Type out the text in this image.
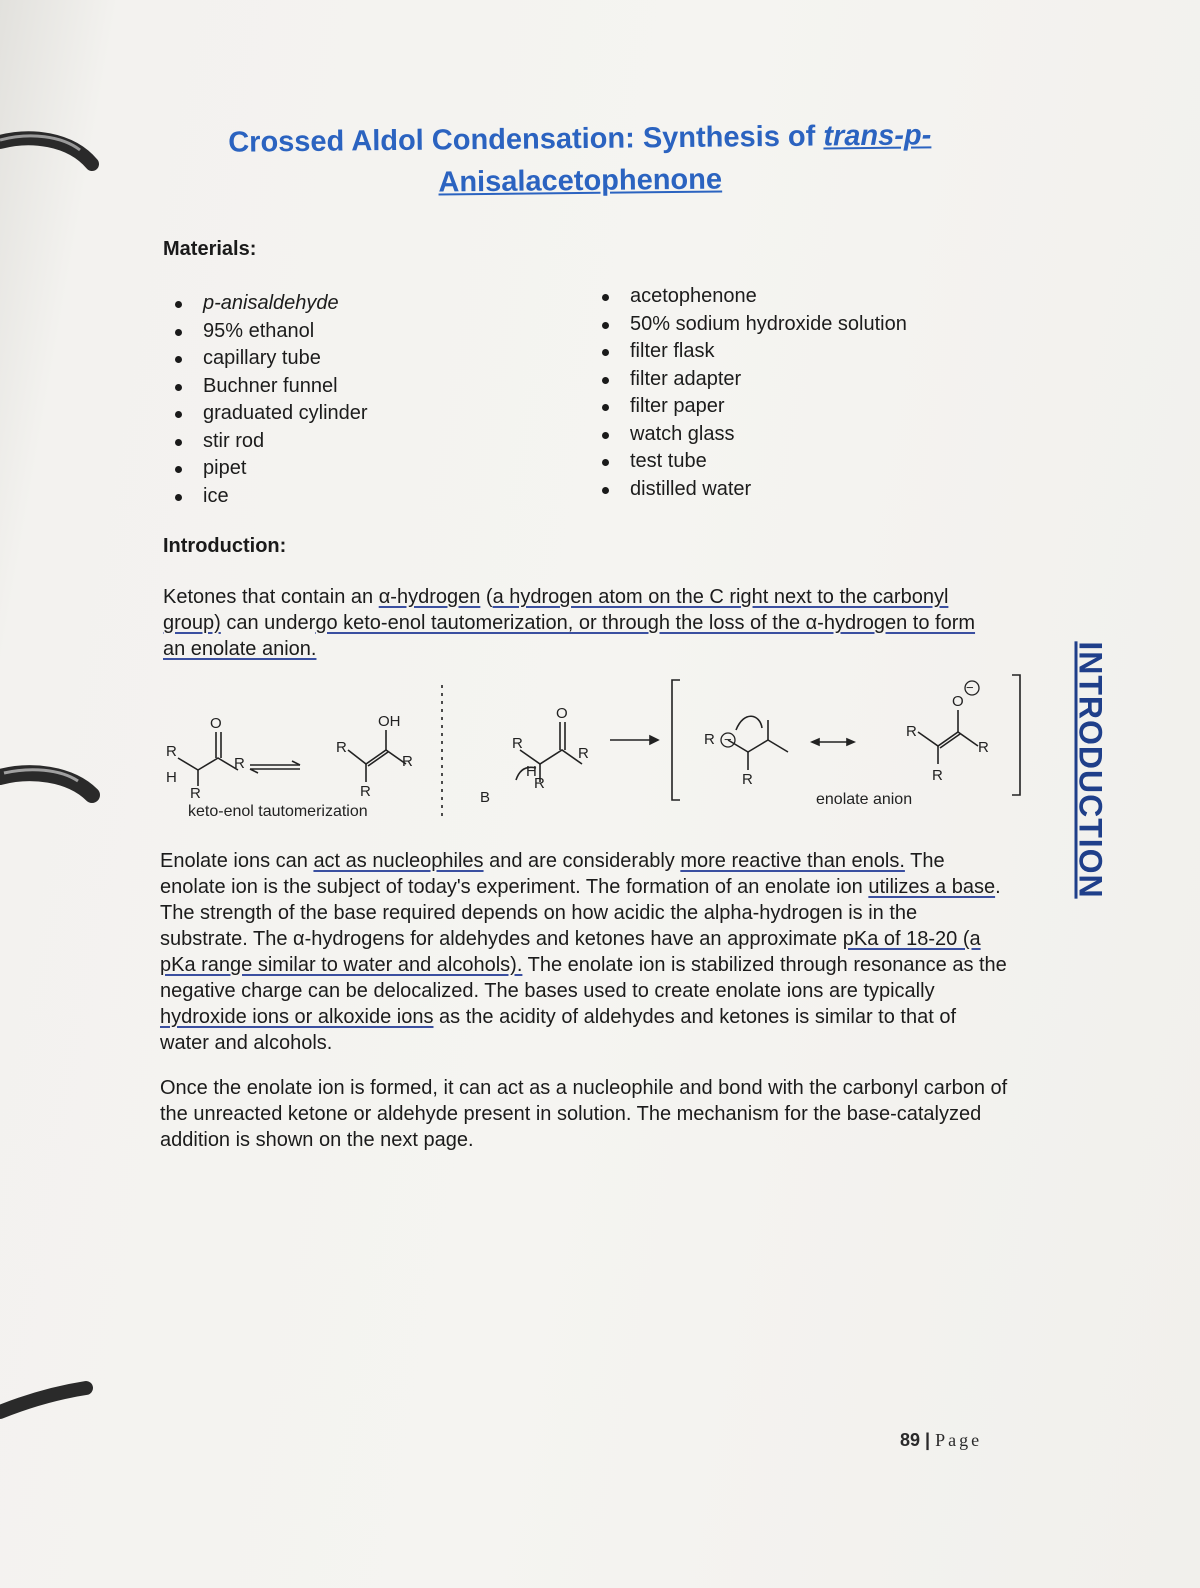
Crossed Aldol Condensation: Synthesis of trans-p-
Anisalacetophenone
Materials:
p-anisaldehyde
95% ethanol
capillary tube
Buchner funnel
graduated cylinder
stir rod
pipet
ice
acetophenone
50% sodium hydroxide solution
filter flask
filter adapter
filter paper
watch glass
test tube
distilled water
Introduction:

Ketones that contain an α-hydrogen (a hydrogen atom on the C right next to the carbonyl group) can undergo keto-enol tautomerization, or through the loss of the α-hydrogen to form an enolate anion.

O
R
H
R
R
OH
R
R
R
O
R
R
H
R
B
R
R
−
O
−
R
R
R
keto-enol tautomerization
enolate anion

Enolate ions can act as nucleophiles and are considerably more reactive than enols. The enolate ion is the subject of today's experiment. The formation of an enolate ion utilizes a base. The strength of the base required depends on how acidic the alpha-hydrogen is in the substrate. The α-hydrogens for aldehydes and ketones have an approximate pKa of 18-20 (a pKa range similar to water and alcohols). The enolate ion is stabilized through resonance as the negative charge can be delocalized. The bases used to create enolate ions are typically hydroxide ions or alkoxide ions as the acidity of aldehydes and ketones is similar to that of water and alcohols.

Once the enolate ion is formed, it can act as a nucleophile and bond with the carbonyl carbon of the unreacted ketone or aldehyde present in solution. The mechanism for the base-catalyzed addition is shown on the next page.

INTRODUCTION
89 | Page
